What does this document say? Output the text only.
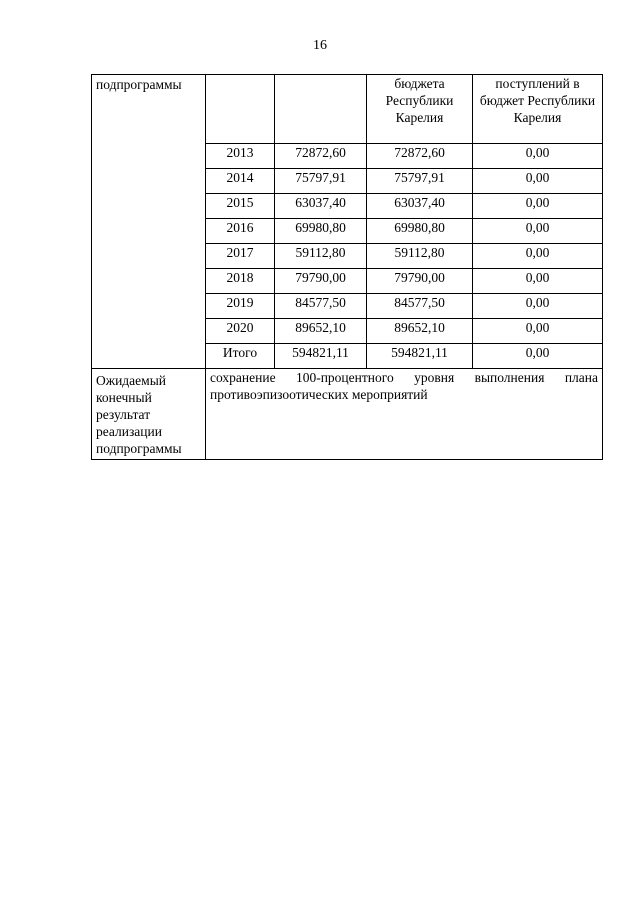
16
подпрограммы			бюджета Республики Карелия	поступлений в бюджет Республики Карелия
	2013	72872,60	72872,60	0,00
	2014	75797,91	75797,91	0,00
	2015	63037,40	63037,40	0,00
	2016	69980,80	69980,80	0,00
	2017	59112,80	59112,80	0,00
	2018	79790,00	79790,00	0,00
	2019	84577,50	84577,50	0,00
	2020	89652,10	89652,10	0,00
	Итого	594821,11	594821,11	0,00
Ожидаемый конечный результат реализации подпрограммы	сохранение 100-процентного уровня выполнения плана противоэпизоотических мероприятий			
